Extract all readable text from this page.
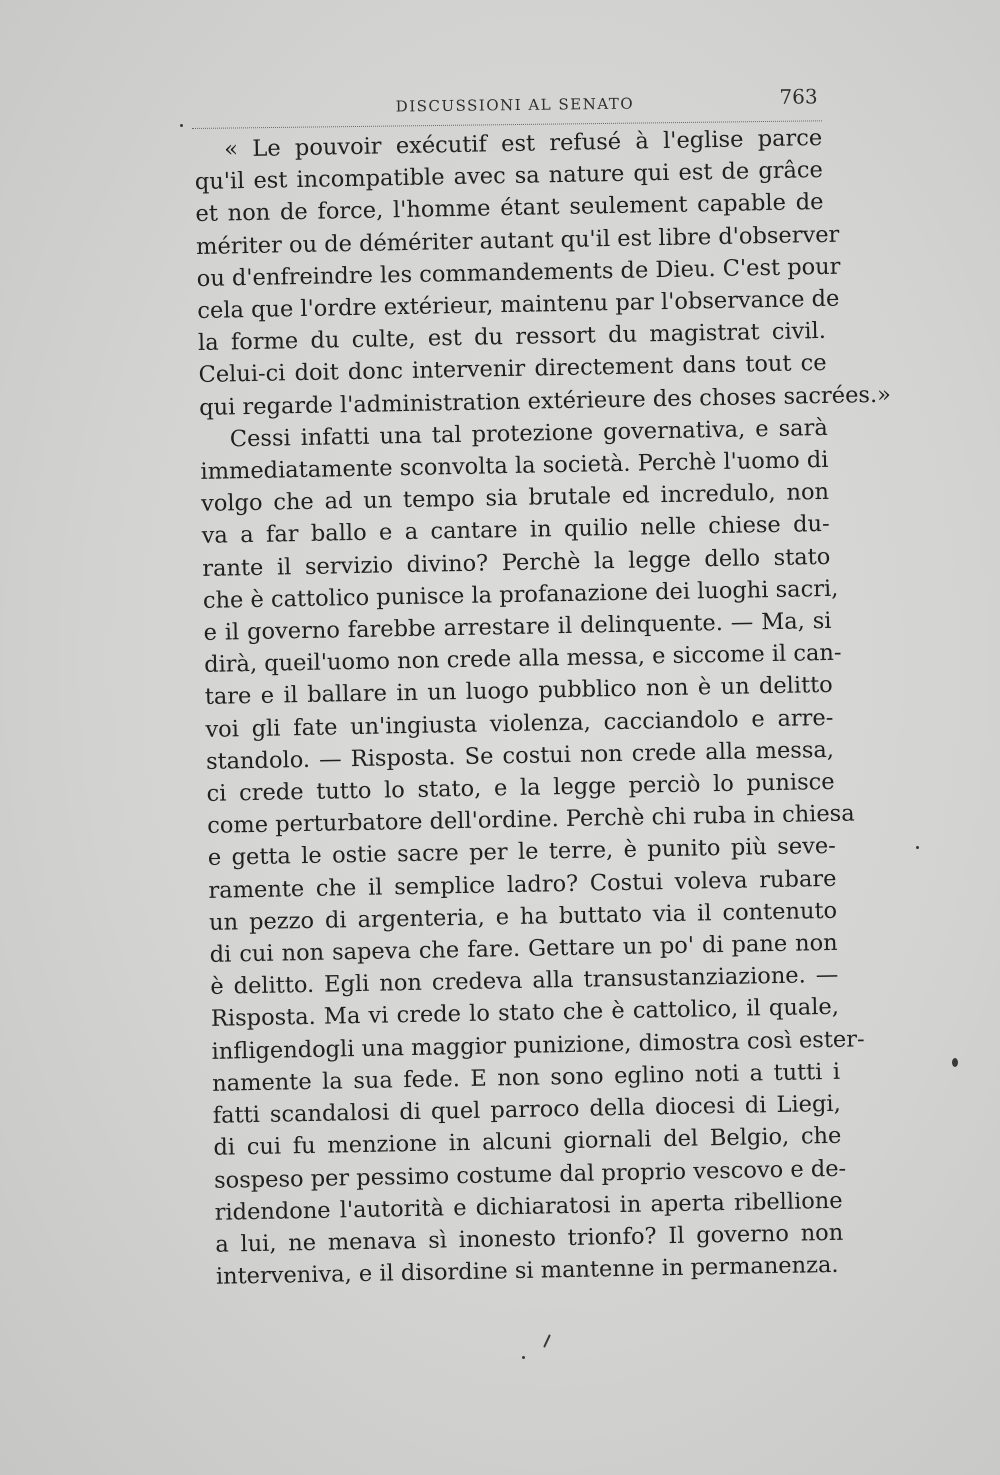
DISCUSSIONI AL SENATO	763
« Le pouvoir exécutif est refusé à l'eglise parce
qu'il est incompatible avec sa nature qui est de grâce
et non de force, l'homme étant seulement capable de
mériter ou de démériter autant qu'il est libre d'observer
ou d'enfreindre les commandements de Dieu. C'est pour
cela que l'ordre extérieur, maintenu par l'observance de
la forme du culte, est du ressort du magistrat civil.
Celui-ci doit donc intervenir directement dans tout ce
qui regarde l'administration extérieure des choses sacrées.»
Cessi infatti una tal protezione governativa, e sarà
immediatamente sconvolta la società. Perchè l'uomo di
volgo che ad un tempo sia brutale ed incredulo, non
va a far ballo e a cantare in quilio nelle chiese du-
rante il servizio divino? Perchè la legge dello stato
che è cattolico punisce la profanazione dei luoghi sacri,
e il governo farebbe arrestare il delinquente. — Ma, si
dirà, queil'uomo non crede alla messa, e siccome il can-
tare e il ballare in un luogo pubblico non è un delitto
voi gli fate un'ingiusta violenza, cacciandolo e arre-
standolo. — Risposta. Se costui non crede alla messa,
ci crede tutto lo stato, e la legge perciò lo punisce
come perturbatore dell'ordine. Perchè chi ruba in chiesa
e getta le ostie sacre per le terre, è punito più seve-
ramente che il semplice ladro? Costui voleva rubare
un pezzo di argenteria, e ha buttato via il contenuto
di cui non sapeva che fare. Gettare un po' di pane non
è delitto. Egli non credeva alla transustanziazione. —
Risposta. Ma vi crede lo stato che è cattolico, il quale,
infligendogli una maggior punizione, dimostra così ester-
namente la sua fede. E non sono eglino noti a tutti i
fatti scandalosi di quel parroco della diocesi di Liegi,
di cui fu menzione in alcuni giornali del Belgio, che
sospeso per pessimo costume dal proprio vescovo e de-
ridendone l'autorità e dichiaratosi in aperta ribellione
a lui, ne menava sì inonesto trionfo? Il governo non
interveniva, e il disordine si mantenne in permanenza.
